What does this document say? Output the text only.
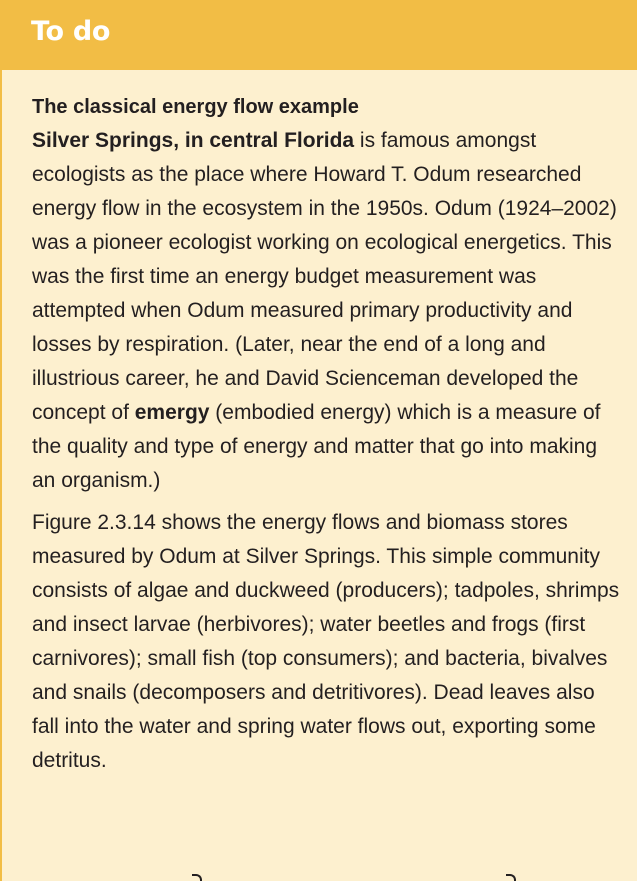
To do

The classical energy flow example

Silver Springs, in central Florida is famous amongst ecologists as the place where Howard T. Odum researched energy flow in the ecosystem in the 1950s. Odum (1924–2002) was a pioneer ecologist working on ecological energetics. This was the first time an energy budget measurement was attempted when Odum measured primary productivity and losses by respiration. (Later, near the end of a long and illustrious career, he and David Scienceman developed the concept of emergy (embodied energy) which is a measure of the quality and type of energy and matter that go into making an organism.)

Figure 2.3.14 shows the energy flows and biomass stores measured by Odum at Silver Springs. This simple community consists of algae and duckweed (producers); tadpoles, shrimps and insect larvae (herbivores); water beetles and frogs (first carnivores); small fish (top consumers); and bacteria, bivalves and snails (decomposers and detritivores). Dead leaves also fall into the water and spring water flows out, exporting some detritus.
